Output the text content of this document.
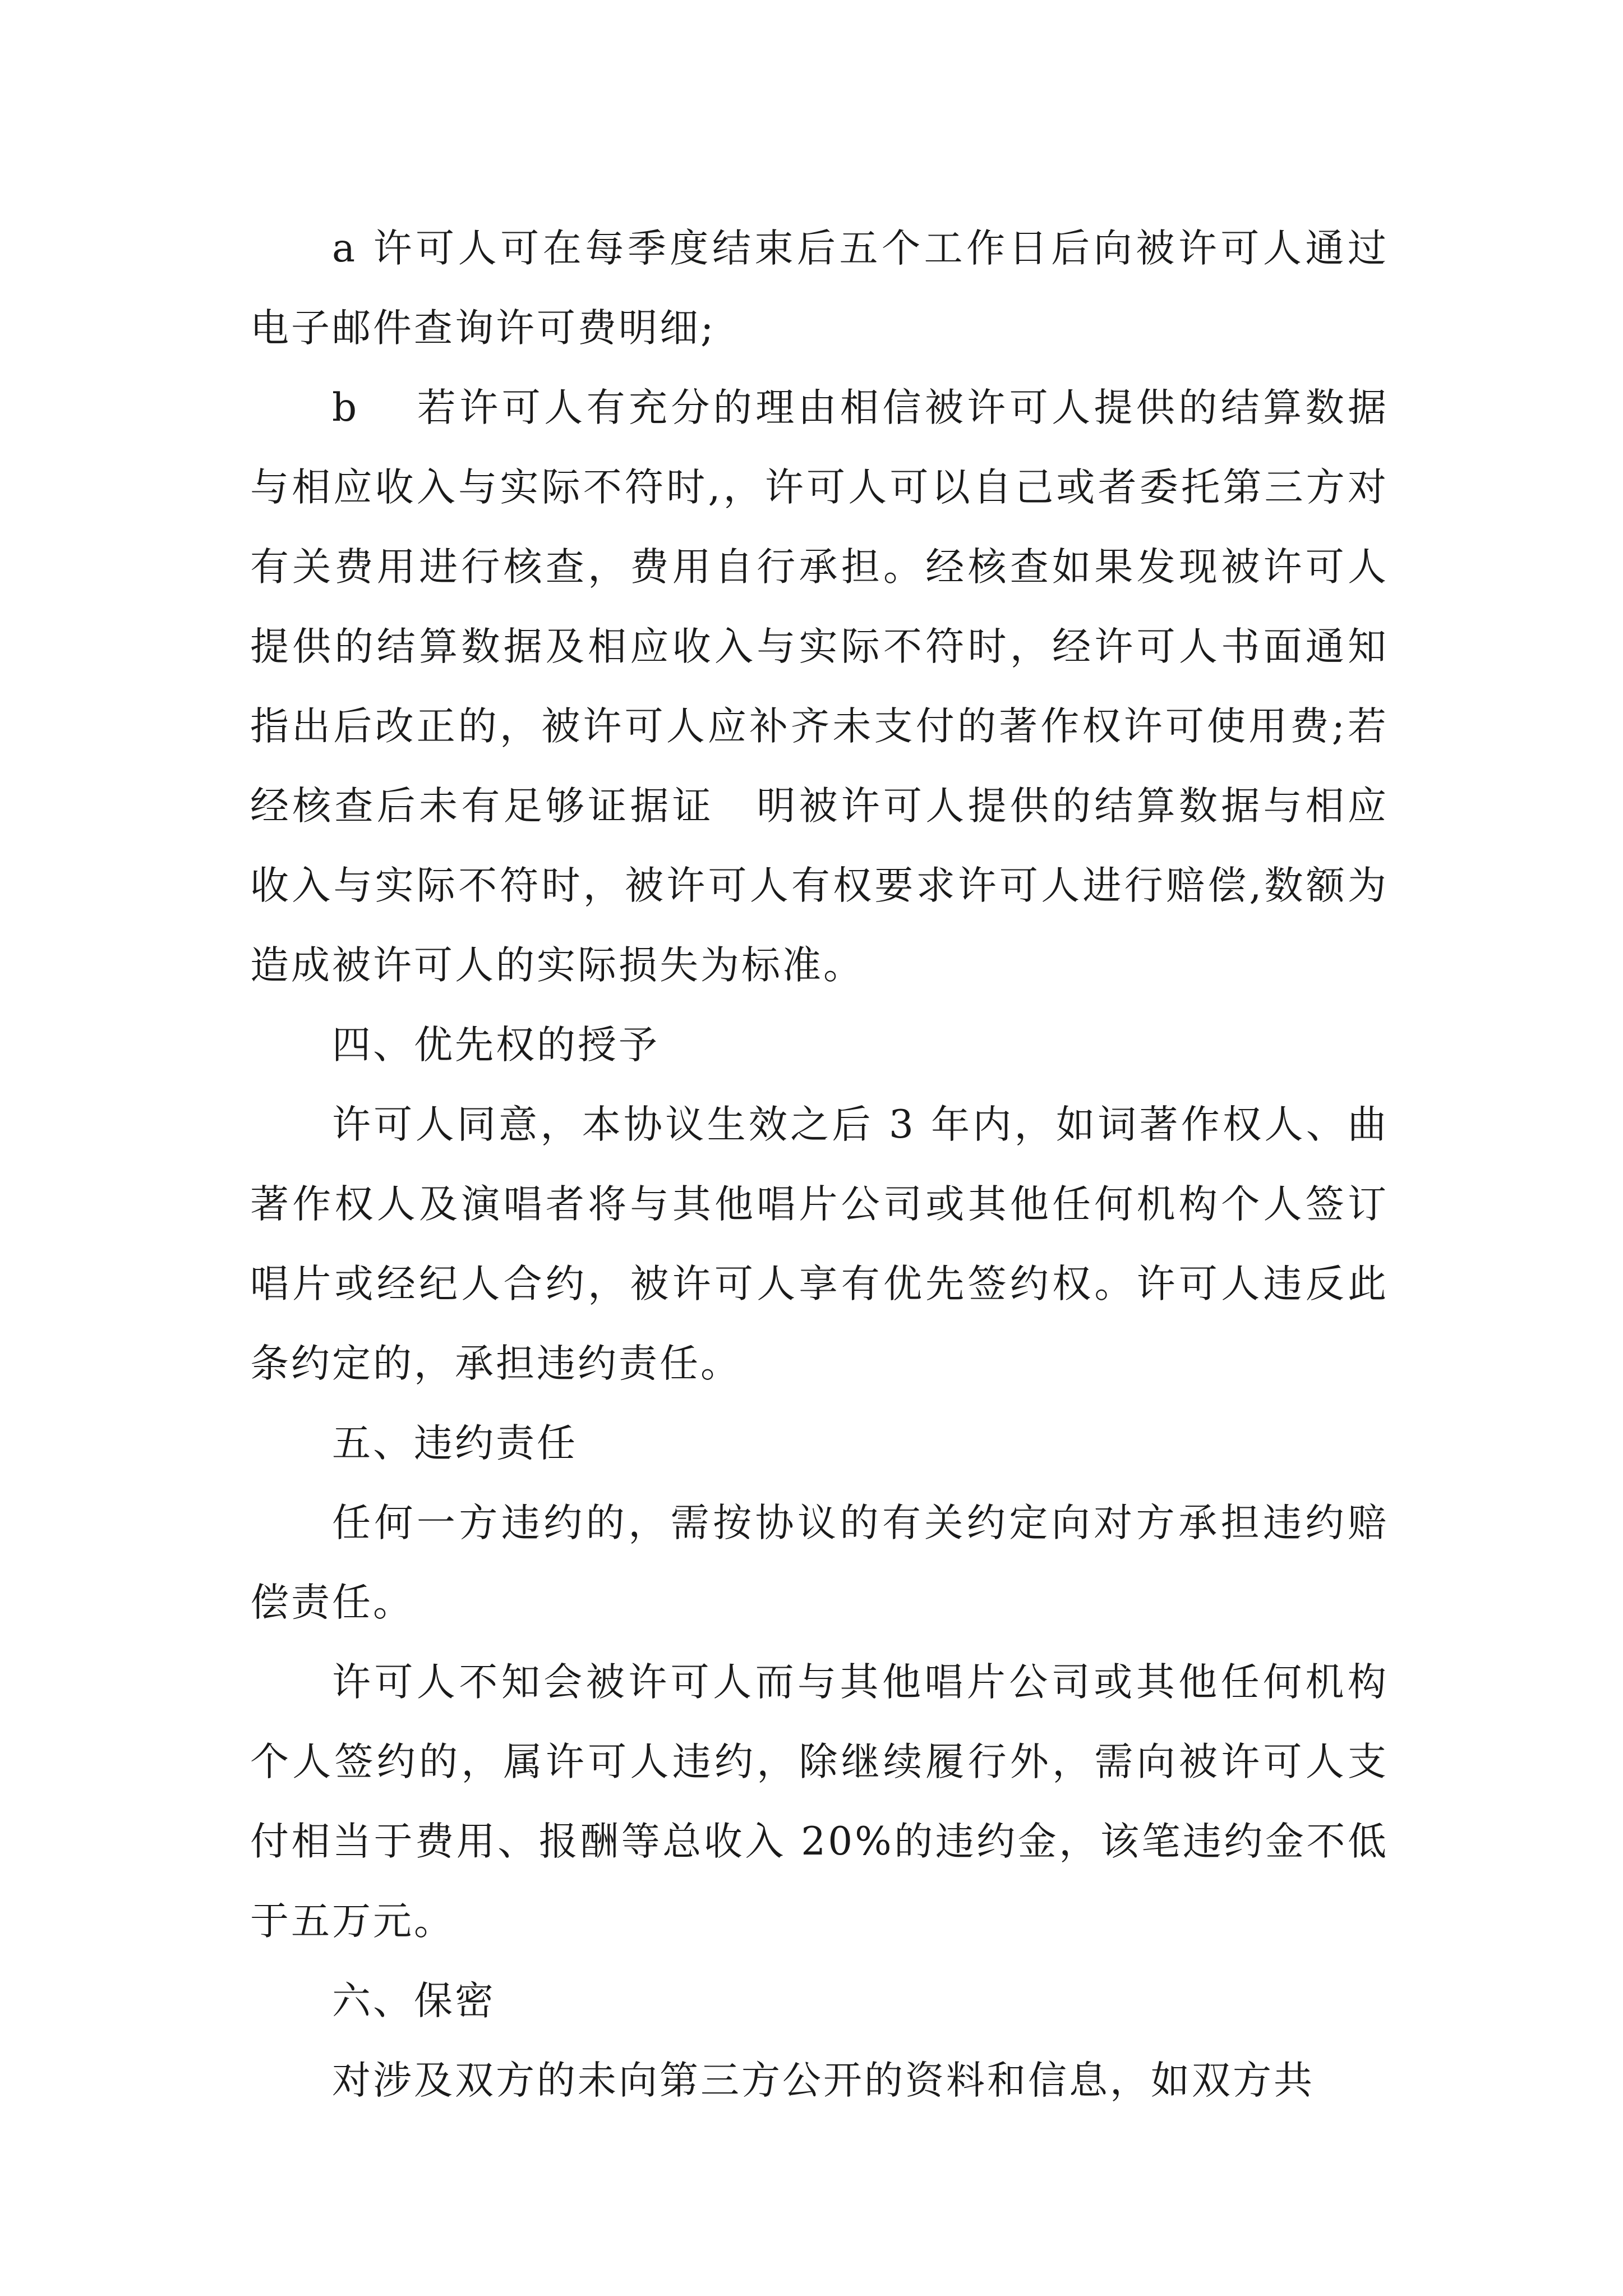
a 许可人可在每季度结束后五个工作日后向被许可人通过电子邮件查询许可费明细;

b 　若许可人有充分的理由相信被许可人提供的结算数据与相应收入与实际不符时,，许可人可以自己或者委托第三方对有关费用进行核查，费用自行承担。经核查如果发现被许可人提供的结算数据及相应收入与实际不符时，经许可人书面通知指出后改正的，被许可人应补齐未支付的著作权许可使用费;若经核查后未有足够证据证　明被许可人提供的结算数据与相应收入与实际不符时，被许可人有权要求许可人进行赔偿,数额为造成被许可人的实际损失为标准。

四、优先权的授予

许可人同意，本协议生效之后 3 年内，如词著作权人、曲著作权人及演唱者将与其他唱片公司或其他任何机构个人签订唱片或经纪人合约，被许可人享有优先签约权。许可人违反此条约定的，承担违约责任。

五、违约责任

任何一方违约的，需按协议的有关约定向对方承担违约赔偿责任。

许可人不知会被许可人而与其他唱片公司或其他任何机构个人签约的，属许可人违约，除继续履行外，需向被许可人支付相当于费用、报酬等总收入 20%的违约金，该笔违约金不低于五万元。

六、保密

对涉及双方的未向第三方公开的资料和信息，如双方共
